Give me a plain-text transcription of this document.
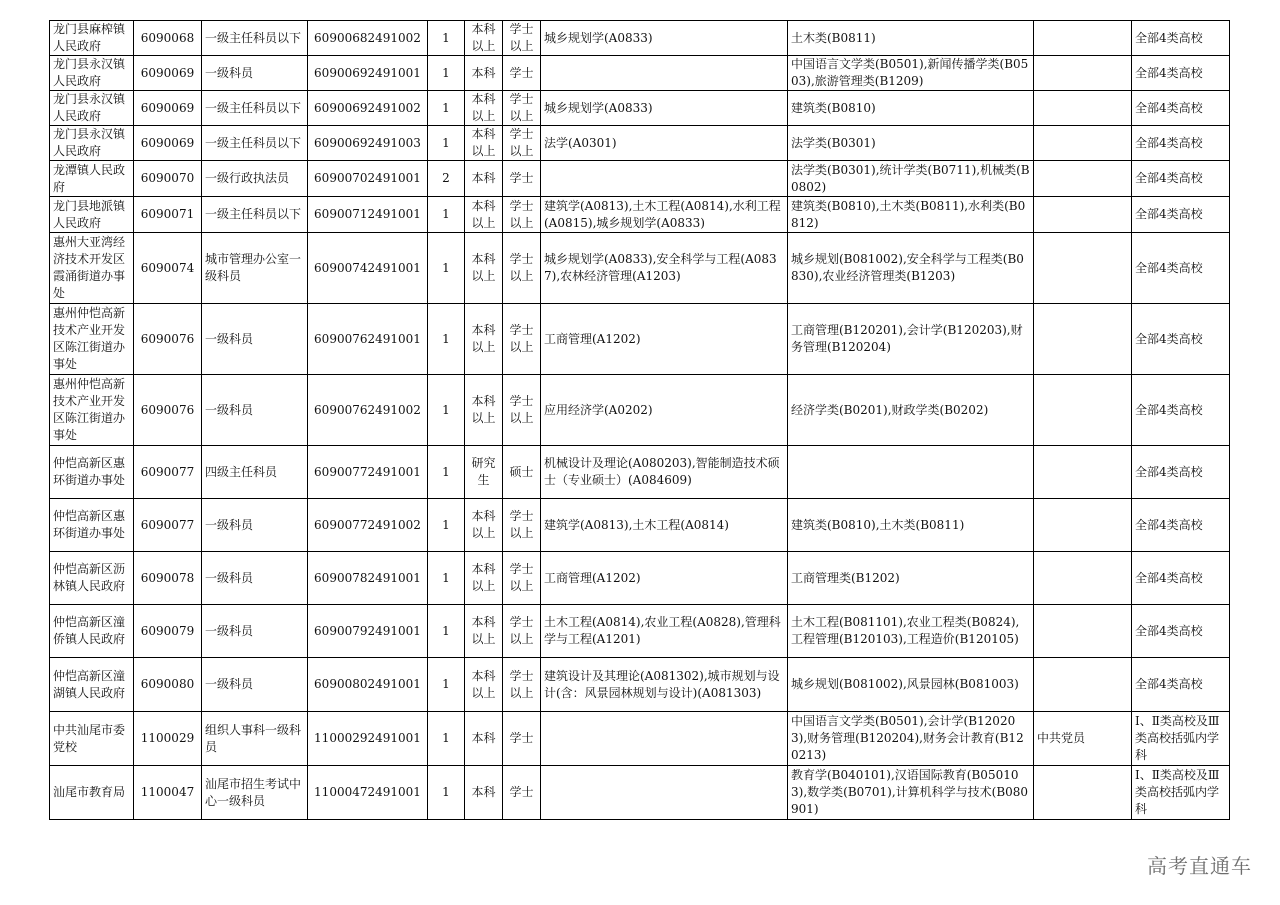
龙门县麻榨镇人民政府	6090068	一级主任科员以下	60900682491002	1	本科以上	学士以上	城乡规划学(A0833)	土木类(B0811)		全部4类高校
龙门县永汉镇人民政府	6090069	一级科员	60900692491001	1	本科	学士		中国语言文学类(B0501),新闻传播学类(B0503),旅游管理类(B1209)		全部4类高校
龙门县永汉镇人民政府	6090069	一级主任科员以下	60900692491002	1	本科以上	学士以上	城乡规划学(A0833)	建筑类(B0810)		全部4类高校
龙门县永汉镇人民政府	6090069	一级主任科员以下	60900692491003	1	本科以上	学士以上	法学(A0301)	法学类(B0301)		全部4类高校
龙潭镇人民政府	6090070	一级行政执法员	60900702491001	2	本科	学士		法学类(B0301),统计学类(B0711),机械类(B0802)		全部4类高校
龙门县地派镇人民政府	6090071	一级主任科员以下	60900712491001	1	本科以上	学士以上	建筑学(A0813),土木工程(A0814),水利工程(A0815),城乡规划学(A0833)	建筑类(B0810),土木类(B0811),水利类(B0812)		全部4类高校
惠州大亚湾经济技术开发区霞涌街道办事处	6090074	城市管理办公室一级科员	60900742491001	1	本科以上	学士以上	城乡规划学(A0833),安全科学与工程(A0837),农林经济管理(A1203)	城乡规划(B081002),安全科学与工程类(B0830),农业经济管理类(B1203)		全部4类高校
惠州仲恺高新技术产业开发区陈江街道办事处	6090076	一级科员	60900762491001	1	本科以上	学士以上	工商管理(A1202)	工商管理(B120201),会计学(B120203),财务管理(B120204)		全部4类高校
惠州仲恺高新技术产业开发区陈江街道办事处	6090076	一级科员	60900762491002	1	本科以上	学士以上	应用经济学(A0202)	经济学类(B0201),财政学类(B0202)		全部4类高校
仲恺高新区惠环街道办事处	6090077	四级主任科员	60900772491001	1	研究生	硕士	机械设计及理论(A080203),智能制造技术硕士（专业硕士）(A084609)			全部4类高校
仲恺高新区惠环街道办事处	6090077	一级科员	60900772491002	1	本科以上	学士以上	建筑学(A0813),土木工程(A0814)	建筑类(B0810),土木类(B0811)		全部4类高校
仲恺高新区沥林镇人民政府	6090078	一级科员	60900782491001	1	本科以上	学士以上	工商管理(A1202)	工商管理类(B1202)		全部4类高校
仲恺高新区潼侨镇人民政府	6090079	一级科员	60900792491001	1	本科以上	学士以上	土木工程(A0814),农业工程(A0828),管理科学与工程(A1201)	土木工程(B081101),农业工程类(B0824),工程管理(B120103),工程造价(B120105)		全部4类高校
仲恺高新区潼湖镇人民政府	6090080	一级科员	60900802491001	1	本科以上	学士以上	建筑设计及其理论(A081302),城市规划与设计(含：风景园林规划与设计)(A081303)	城乡规划(B081002),风景园林(B081003)		全部4类高校
中共汕尾市委党校	1100029	组织人事科一级科员	11000292491001	1	本科	学士		中国语言文学类(B0501),会计学(B120203),财务管理(B120204),财务会计教育(B120213)	中共党员	Ⅰ、Ⅱ类高校及Ⅲ类高校括弧内学科
汕尾市教育局	1100047	汕尾市招生考试中心一级科员	11000472491001	1	本科	学士		教育学(B040101),汉语国际教育(B050103),数学类(B0701),计算机科学与技术(B080901)		Ⅰ、Ⅱ类高校及Ⅲ类高校括弧内学科
高考直通车
